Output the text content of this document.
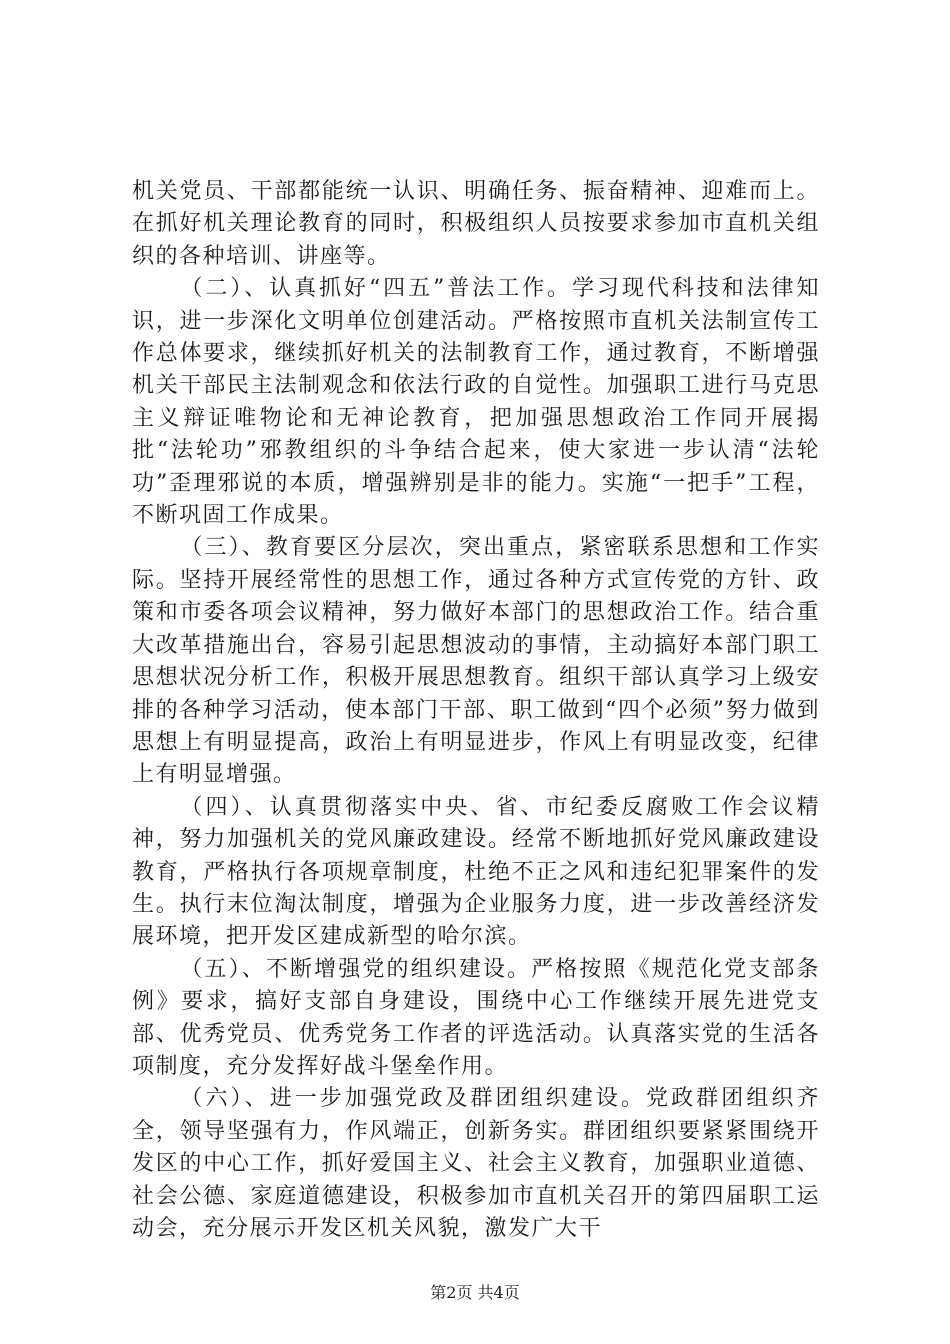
机关党员、干部都能统一认识、明确任务、振奋精神、迎难而上。在抓好机关理论教育的同时，积极组织人员按要求参加市直机关组织的各种培训、讲座等。

（二）、认真抓好“四五”普法工作。学习现代科技和法律知识，进一步深化文明单位创建活动。严格按照市直机关法制宣传工作总体要求，继续抓好机关的法制教育工作，通过教育，不断增强机关干部民主法制观念和依法行政的自觉性。加强职工进行马克思主义辩证唯物论和无神论教育，把加强思想政治工作同开展揭批“法轮功”邪教组织的斗争结合起来，使大家进一步认清“法轮功”歪理邪说的本质，增强辨别是非的能力。实施“一把手”工程，不断巩固工作成果。

（三）、教育要区分层次，突出重点，紧密联系思想和工作实际。坚持开展经常性的思想工作，通过各种方式宣传党的方针、政策和市委各项会议精神，努力做好本部门的思想政治工作。结合重大改革措施出台，容易引起思想波动的事情，主动搞好本部门职工思想状况分析工作，积极开展思想教育。组织干部认真学习上级安排的各种学习活动，使本部门干部、职工做到“四个必须”努力做到思想上有明显提高，政治上有明显进步，作风上有明显改变，纪律上有明显增强。

（四）、认真贯彻落实中央、省、市纪委反腐败工作会议精神，努力加强机关的党风廉政建设。经常不断地抓好党风廉政建设教育，严格执行各项规章制度，杜绝不正之风和违纪犯罪案件的发生。执行末位淘汰制度，增强为企业服务力度，进一步改善经济发展环境，把开发区建成新型的哈尔滨。

（五）、不断增强党的组织建设。严格按照《规范化党支部条例》要求，搞好支部自身建设，围绕中心工作继续开展先进党支部、优秀党员、优秀党务工作者的评选活动。认真落实党的生活各项制度，充分发挥好战斗堡垒作用。

（六）、进一步加强党政及群团组织建设。党政群团组织齐全，领导坚强有力，作风端正，创新务实。群团组织要紧紧围绕开发区的中心工作，抓好爱国主义、社会主义教育，加强职业道德、社会公德、家庭道德建设，积极参加市直机关召开的第四届职工运动会，充分展示开发区机关风貌，激发广大干

第2页 共4页
